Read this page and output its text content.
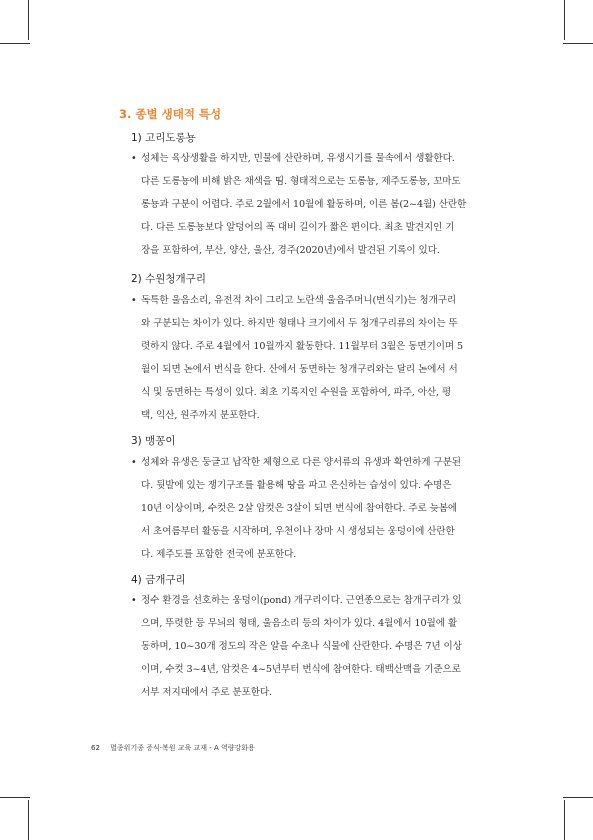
3. 종별 생태적 특성
1) 고리도롱뇽
• 성체는 육상생활을 하지만, 민물에 산란하며, 유생시기를 물속에서 생활한다.
다른 도롱뇽에 비해 밝은 채색을 띰. 형태적으로는 도롱뇽, 제주도롱뇽, 꼬마도
롱뇽과 구분이 어렵다. 주로 2월에서 10월에 활동하며, 이른 봄(2~4월) 산란한
다. 다른 도롱뇽보다 알덩어의 폭 대비 길이가 짧은 편이다. 최초 발견지인 기
장을 포함하여, 부산, 양산, 울산, 경주(2020년)에서 발견된 기록이 있다.
2) 수원청개구리
• 독특한 울음소리, 유전적 차이 그리고 노란색 울음주머니(번식기)는 청개구리
와 구분되는 차이가 있다. 하지만 형태나 크기에서 두 청개구리류의 차이는 뚜
렷하지 않다. 주로 4월에서 10월까지 활동한다. 11월부터 3월은 동면기이며 5
월이 되면 논에서 번식을 한다. 산에서 동면하는 청개구리와는 달리 논에서 서
식 및 동면하는 특성이 있다. 최초 기록지인 수원을 포함하여, 파주, 아산, 평
택, 익산, 원주까지 분포한다.
3) 맹꽁이
• 성체와 유생은 둥글고 납작한 체형으로 다른 양서류의 유생과 확연하게 구분된
다. 뒷발에 있는 쟁기구조를 활용해 땅을 파고 은신하는 습성이 있다. 수명은
10년 이상이며, 수컷은 2살 암컷은 3살이 되면 번식에 참여한다. 주로 늦봄에
서 초여름부터 활동을 시작하며, 우천이나 장마 시 생성되는 웅덩이에 산란한
다. 제주도를 포함한 전국에 분포한다.
4) 금개구리
• 정수 환경을 선호하는 웅덩이(pond) 개구리이다. 근연종으로는 참개구리가 있
으며, 뚜렷한 등 무늬의 형태, 울음소리 등의 차이가 있다. 4월에서 10월에 활
동하며, 10~30개 정도의 작은 알을 수초나 식물에 산란한다. 수명은 7년 이상
이며, 수컷 3~4년, 암컷은 4~5년부터 번식에 참여한다. 태백산맥을 기준으로
서부 저지대에서 주로 분포한다.
62 멸종위기종 증식·복원 교육 교재 - A 역량강화용
